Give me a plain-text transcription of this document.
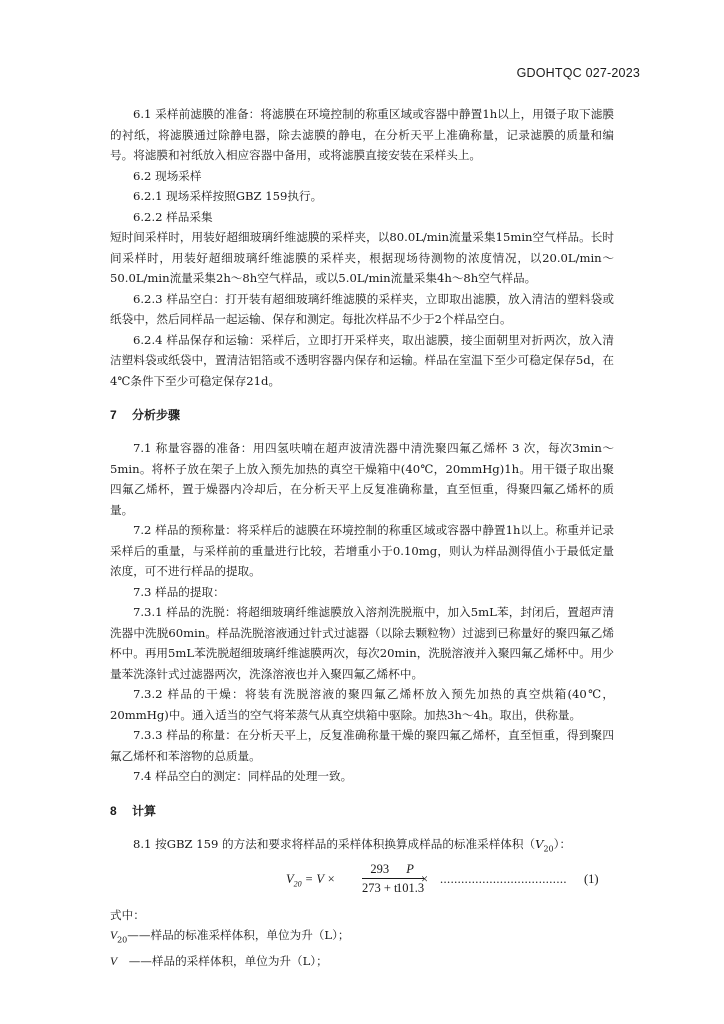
GDOHTQC 027-2023

6.1 采样前滤膜的准备：将滤膜在环境控制的称重区域或容器中静置1h以上，用镊子取下滤膜的衬纸，将滤膜通过除静电器，除去滤膜的静电，在分析天平上准确称量，记录滤膜的质量和编号。将滤膜和衬纸放入相应容器中备用，或将滤膜直接安装在采样头上。

6.2 现场采样

6.2.1 现场采样按照GBZ 159执行。

6.2.2 样品采集

短时间采样时，用装好超细玻璃纤维滤膜的采样夹，以80.0L/min流量采集15min空气样品。长时间采样时，用装好超细玻璃纤维滤膜的采样夹，根据现场待测物的浓度情况，以20.0L/min～50.0L/min流量采集2h～8h空气样品，或以5.0L/min流量采集4h～8h空气样品。

6.2.3 样品空白：打开装有超细玻璃纤维滤膜的采样夹，立即取出滤膜，放入清洁的塑料袋或纸袋中，然后同样品一起运输、保存和测定。每批次样品不少于2个样品空白。

6.2.4 样品保存和运输：采样后，立即打开采样夹，取出滤膜，接尘面朝里对折两次，放入清洁塑料袋或纸袋中，置清洁铝箔或不透明容器内保存和运输。样品在室温下至少可稳定保存5d，在4℃条件下至少可稳定保存21d。

7 分析步骤

7.1 称量容器的准备：用四氢呋喃在超声波清洗器中清洗聚四氟乙烯杯 3 次，每次3min～5min。将杯子放在架子上放入预先加热的真空干燥箱中(40℃，20mmHg)1h。用干镊子取出聚四氟乙烯杯，置于燥器内冷却后，在分析天平上反复准确称量，直至恒重，得聚四氟乙烯杯的质量。

7.2 样品的预称量：将采样后的滤膜在环境控制的称重区域或容器中静置1h以上。称重并记录采样后的重量，与采样前的重量进行比较，若增重小于0.10mg，则认为样品测得值小于最低定量浓度，可不进行样品的提取。

7.3 样品的提取：

7.3.1 样品的洗脱：将超细玻璃纤维滤膜放入溶剂洗脱瓶中，加入5mL苯，封闭后，置超声清洗器中洗脱60min。样品洗脱溶液通过针式过滤器（以除去颗粒物）过滤到已称量好的聚四氟乙烯杯中。再用5mL苯洗脱超细玻璃纤维滤膜两次，每次20min，洗脱溶液并入聚四氟乙烯杯中。用少量苯洗涤针式过滤器两次，洗涤溶液也并入聚四氟乙烯杯中。

7.3.2 样品的干燥：将装有洗脱溶液的聚四氟乙烯杯放入预先加热的真空烘箱(40℃，20mmHg)中。通入适当的空气将苯蒸气从真空烘箱中驱除。加热3h～4h。取出，供称量。

7.3.3 样品的称量：在分析天平上，反复准确称量干燥的聚四氟乙烯杯，直至恒重，得到聚四氟乙烯杯和苯溶物的总质量。

7.4 样品空白的测定：同样品的处理一致。

8 计算

8.1 按GBZ 159 的方法和要求将样品的采样体积换算成样品的标准采样体积$(V_{20})$：

$V_{20} = V \times \frac{293}{273 + t}$ ×
$\frac{P}{101.3}$ .................................... (1)

式中：

$V_{20}——$样品的标准采样体积，单位为升（L）；

V　——样品的采样体积，单位为升（L）；
